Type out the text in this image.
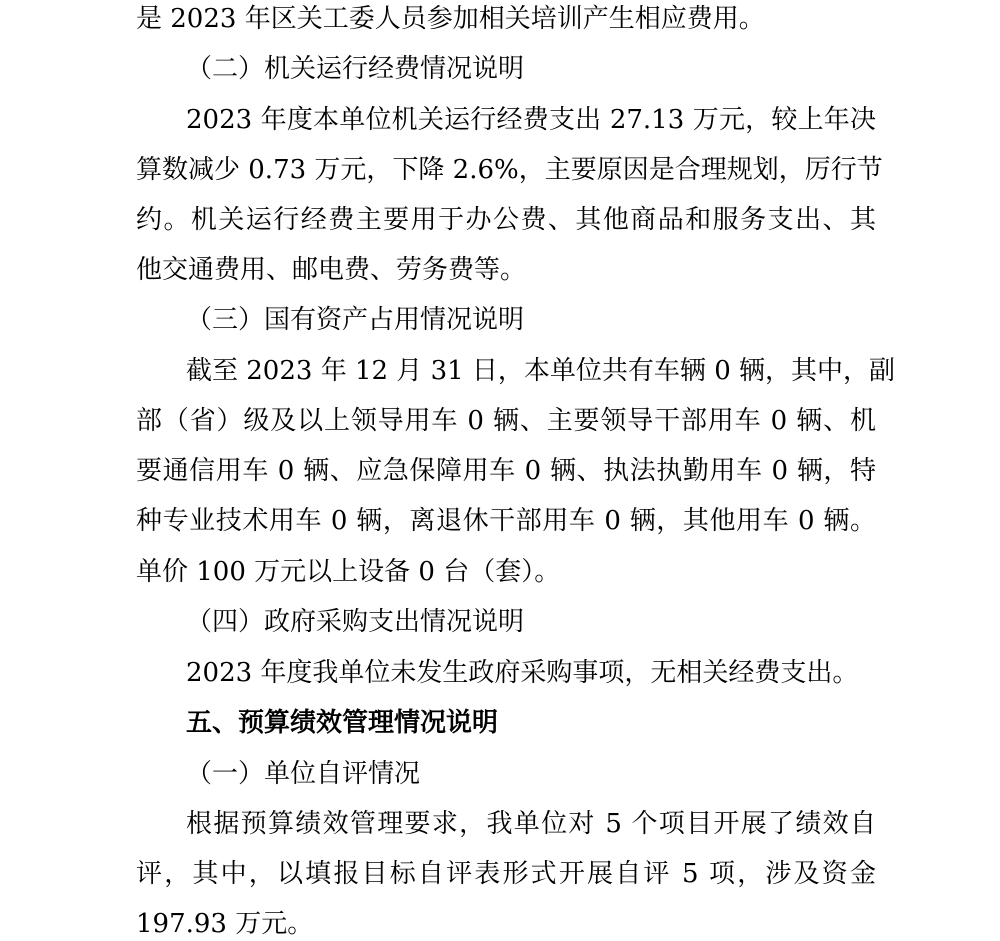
是 2023 年区关工委人员参加相关培训产生相应费用。
（二）机关运行经费情况说明
2023 年度本单位机关运行经费支出 27.13 万元，较上年决
算数减少 0.73 万元，下降 2.6%，主要原因是合理规划，厉行节
约。机关运行经费主要用于办公费、其他商品和服务支出、其
他交通费用、邮电费、劳务费等。
（三）国有资产占用情况说明
截至 2023 年 12 月 31 日，本单位共有车辆 0 辆，其中，副
部（省）级及以上领导用车 0 辆、主要领导干部用车 0 辆、机
要通信用车 0 辆、应急保障用车 0 辆、执法执勤用车 0 辆，特
种专业技术用车 0 辆，离退休干部用车 0 辆，其他用车 0 辆。
单价 100 万元以上设备 0 台（套）。
（四）政府采购支出情况说明
2023 年度我单位未发生政府采购事项，无相关经费支出。
五、预算绩效管理情况说明
（一）单位自评情况
根据预算绩效管理要求，我单位对 5 个项目开展了绩效自
评，其中，以填报目标自评表形式开展自评 5 项，涉及资金
197.93 万元。
